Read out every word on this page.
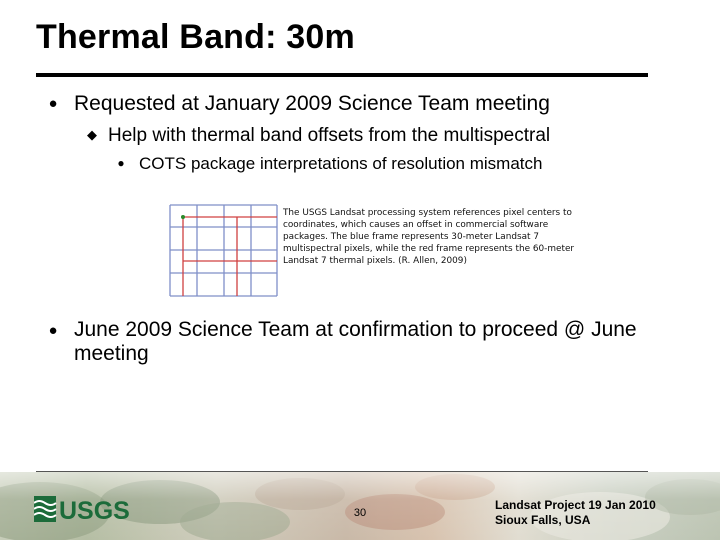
Thermal Band: 30m
● Requested at January 2009 Science Team meeting
◆ Help with thermal band offsets from the multispectral
● COTS package interpretations of resolution mismatch
The USGS Landsat processing system references pixel centers to coordinates, which causes an offset in commercial software packages. The blue frame represents 30-meter Landsat 7 multispectral pixels, while the red frame represents the 60-meter Landsat 7 thermal pixels. (R. Allen, 2009)
● June 2009 Science Team at confirmation to proceed @ June meeting
USGS	30
Landsat Project 19 Jan 2010
Sioux Falls, USA
